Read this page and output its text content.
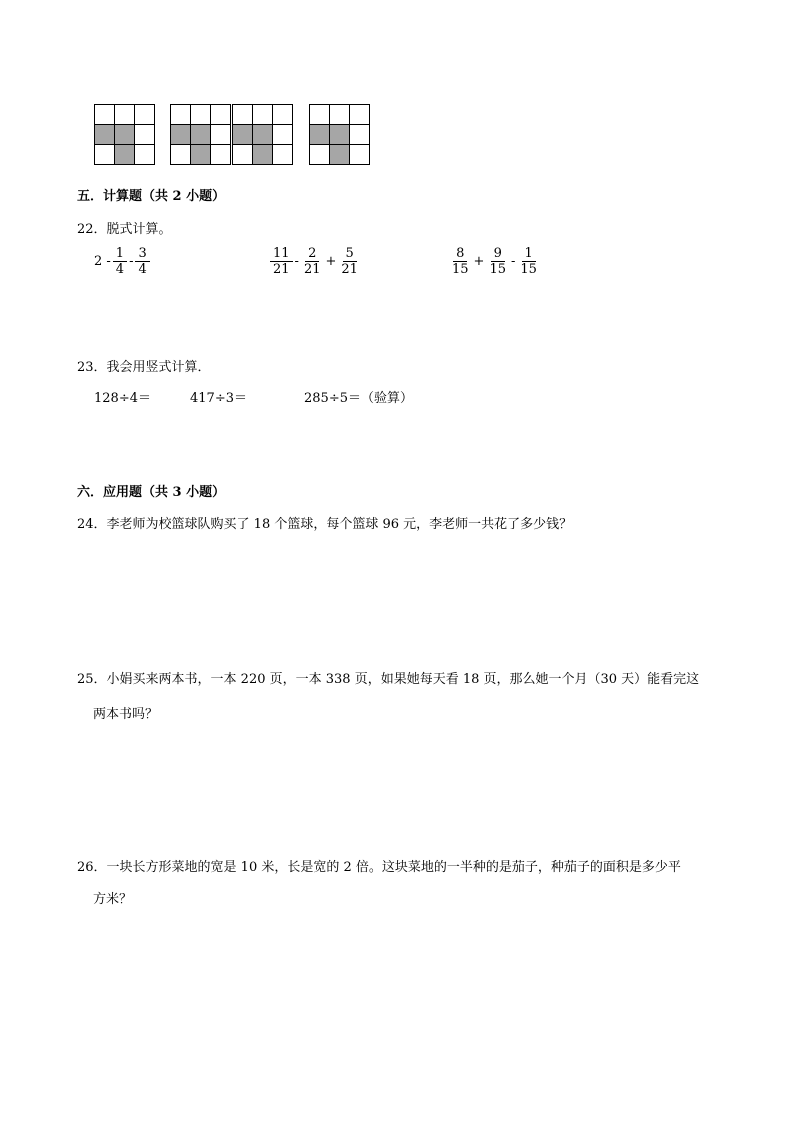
五．计算题（共 2 小题）
22．脱式计算。
$2 - \frac{1}{4} - \frac{3}{4}$	$\frac{11}{21} - \frac{2}{21} + \frac{5}{21}$	$\frac{8}{15} + \frac{9}{15} - \frac{1}{15}$
23．我会用竖式计算．
128÷4＝	417÷3＝	285÷5＝（验算）
六．应用题（共 3 小题）
24．李老师为校篮球队购买了 18 个篮球，每个篮球 96 元，李老师一共花了多少钱？
25．小娟买来两本书，一本 220 页，一本 338 页，如果她每天看 18 页，那么她一个月（30 天）能看完这
两本书吗？
26．一块长方形菜地的宽是 10 米，长是宽的 2 倍。这块菜地的一半种的是茄子，种茄子的面积是多少平
方米？
